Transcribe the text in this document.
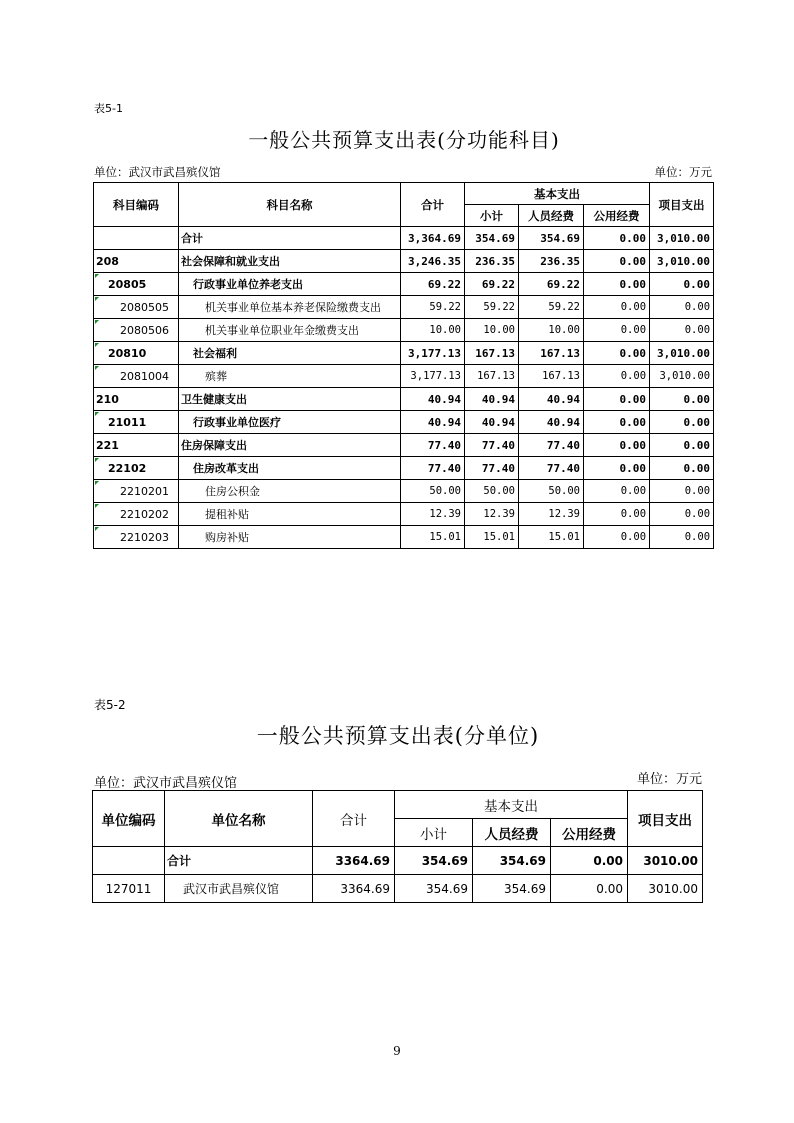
表5-1
一般公共预算支出表(分功能科目)
单位：武汉市武昌殡仪馆	单位：万元
科目编码	科目名称	合计	基本支出			项目支出
			小计	人员经费	公用经费	
	合计	3,364.69	354.69	354.69	0.00	3,010.00
208	社会保障和就业支出	3,246.35	236.35	236.35	0.00	3,010.00
20805	行政事业单位养老支出	69.22	69.22	69.22	0.00	0.00
2080505	机关事业单位基本养老保险缴费支出	59.22	59.22	59.22	0.00	0.00
2080506	机关事业单位职业年金缴费支出	10.00	10.00	10.00	0.00	0.00
20810	社会福利	3,177.13	167.13	167.13	0.00	3,010.00
2081004	殡葬	3,177.13	167.13	167.13	0.00	3,010.00
210	卫生健康支出	40.94	40.94	40.94	0.00	0.00
21011	行政事业单位医疗	40.94	40.94	40.94	0.00	0.00
221	住房保障支出	77.40	77.40	77.40	0.00	0.00
22102	住房改革支出	77.40	77.40	77.40	0.00	0.00
2210201	住房公积金	50.00	50.00	50.00	0.00	0.00
2210202	提租补贴	12.39	12.39	12.39	0.00	0.00
2210203	购房补贴	15.01	15.01	15.01	0.00	0.00
表5-2
一般公共预算支出表(分单位)
单位：武汉市武昌殡仪馆	单位：万元
单位编码	单位名称	合计	基本支出			项目支出
			小计	人员经费	公用经费	
	合计	3364.69	354.69	354.69	0.00	3010.00
127011	武汉市武昌殡仪馆	3364.69	354.69	354.69	0.00	3010.00
9
